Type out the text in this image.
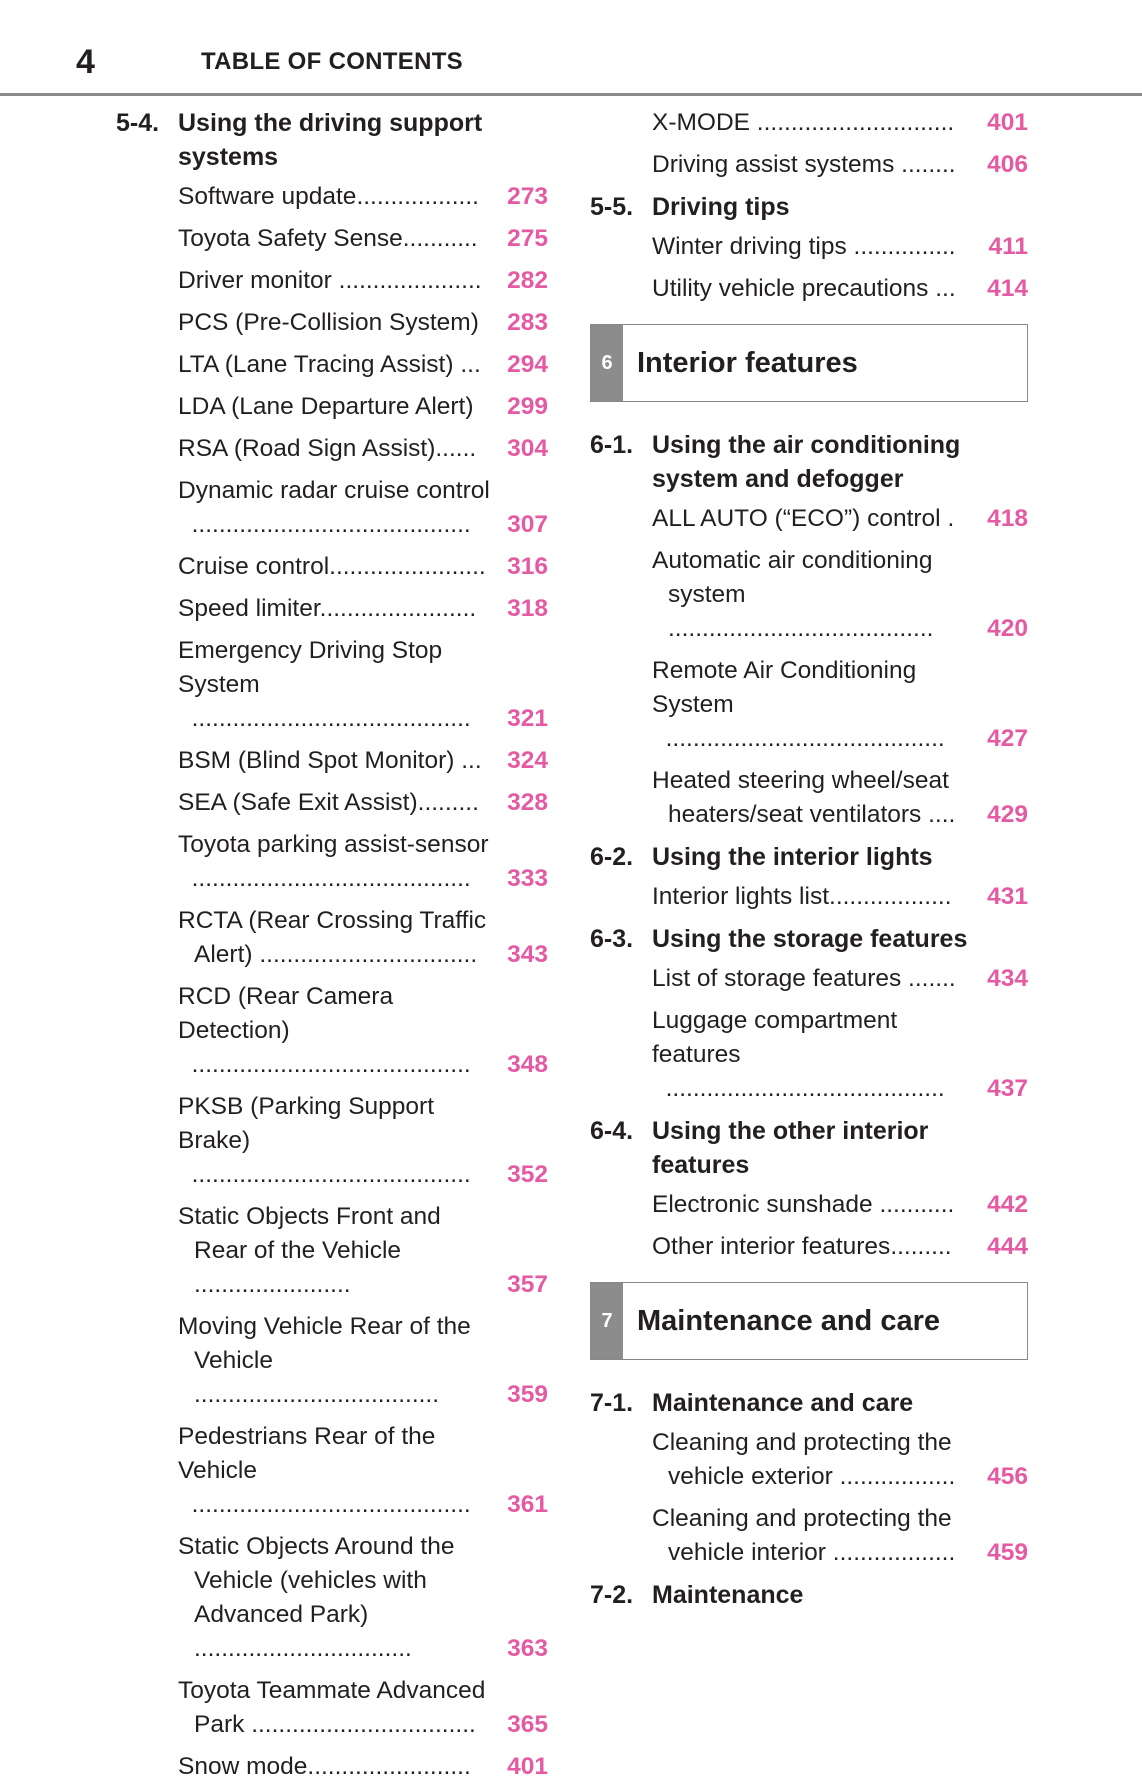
4	TABLE OF CONTENTS
5-4. Using the driving support systems
Software update..................	273
Toyota Safety Sense...........	275
Driver monitor .....................	282
PCS (Pre-Collision System)	283
LTA (Lane Tracing Assist) ...	294
LDA (Lane Departure Alert)	299
RSA (Road Sign Assist)......	304
Dynamic radar cruise control
.........................................	307
Cruise control....................... 316
Speed limiter.......................	318
Emergency Driving Stop System
.........................................	321
BSM (Blind Spot Monitor) ...	324
SEA (Safe Exit Assist).........	328
Toyota parking assist-sensor
.........................................	333
RCTA (Rear Crossing Traffic Alert) ................................	343
RCD (Rear Camera Detection)
.........................................	348
PKSB (Parking Support Brake)
.........................................	352
Static Objects Front and Rear of the Vehicle .......................	357
Moving Vehicle Rear of the Vehicle ....................................	359
Pedestrians Rear of the Vehicle
.........................................	361
Static Objects Around the Vehicle (vehicles with Advanced Park) ................................	363
Toyota Teammate Advanced Park .................................	365
Snow mode........................	401
X-MODE .............................	401
Driving assist systems ........	406
5-5. Driving tips
Winter driving tips ...............	411
Utility vehicle precautions ...	414
6 Interior features
6-1. Using the air conditioning system and defogger
ALL AUTO (“ECO”) control .	418
Automatic air conditioning system .......................................	420
Remote Air Conditioning System
.........................................	427
Heated steering wheel/seat heaters/seat ventilators ....	429
6-2. Using the interior lights
Interior lights list..................	431
6-3. Using the storage features
List of storage features .......	434
Luggage compartment features
.........................................	437
6-4. Using the other interior features
Electronic sunshade ...........	442
Other interior features.........	444
7 Maintenance and care
7-1. Maintenance and care
Cleaning and protecting the vehicle exterior .................	456
Cleaning and protecting the vehicle interior ..................	459
7-2. Maintenance
